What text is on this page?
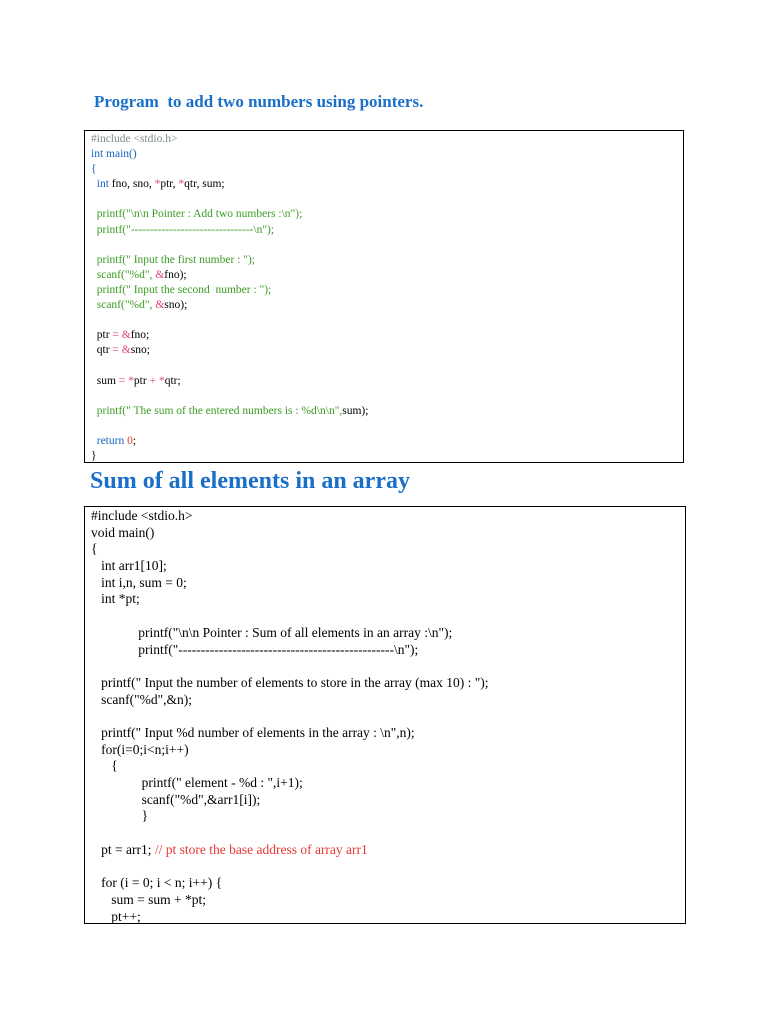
Program  to add two numbers using pointers.
#include <stdio.h>
int main()
{
int fno, sno, *ptr, *qtr, sum;
printf("\n\n Pointer : Add two numbers :\n");
printf("--------------------------------\n");
printf(" Input the first number : ");
scanf("%d", &fno);
printf(" Input the second  number : ");
scanf("%d", &sno);
ptr = &fno;
qtr = &sno;
sum = *ptr + *qtr;
printf(" The sum of the entered numbers is : %d\n\n",sum);
return 0;
}
Sum of all elements in an array
#include <stdio.h>
void main()
{
int arr1[10];
int i,n, sum = 0;
int *pt;
printf("\n\n Pointer : Sum of all elements in an array :\n");
printf("------------------------------------------------\n");
printf(" Input the number of elements to store in the array (max 10) : ");
scanf("%d",&n);
printf(" Input %d number of elements in the array : \n",n);
for(i=0;i<n;i++)
{
printf(" element - %d : ",i+1);
scanf("%d",&arr1[i]);
}
pt = arr1; // pt store the base address of array arr1
for (i = 0; i < n; i++) {
sum = sum + *pt;
pt++;
